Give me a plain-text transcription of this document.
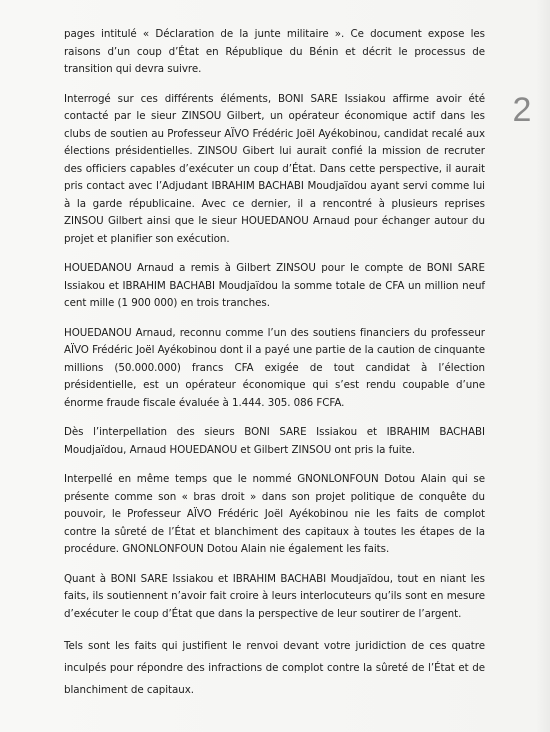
pages intitulé « Déclaration de la junte militaire ». Ce document expose les raisons d’un coup d’État en République du Bénin et décrit le processus de transition qui devra suivre.

Interrogé sur ces différents éléments, BONI SARE Issiakou affirme avoir été contacté par le sieur ZINSOU Gilbert, un opérateur économique actif dans les clubs de soutien au Professeur AÏVO Frédéric Joël Ayékobinou, candidat recalé aux élections présidentielles. ZINSOU Gibert lui aurait confié la mission de recruter des officiers capables d’exécuter un coup d’État. Dans cette perspective, il aurait pris contact avec l’Adjudant IBRAHIM BACHABI Moudjaïdou ayant servi comme lui à la garde républicaine. Avec ce dernier, il a rencontré à plusieurs reprises ZINSOU Gilbert ainsi que le sieur HOUEDANOU Arnaud pour échanger autour du projet et planifier son exécution.

HOUEDANOU Arnaud a remis à Gilbert ZINSOU pour le compte de BONI SARE Issiakou et IBRAHIM BACHABI Moudjaïdou la somme totale de CFA un million neuf cent mille (1 900 000) en trois tranches.

HOUEDANOU Arnaud, reconnu comme l’un des soutiens financiers du professeur AÏVO Frédéric Joël Ayékobinou dont il a payé une partie de la caution de cinquante millions (50.000.000) francs CFA exigée de tout candidat à l’élection présidentielle, est un opérateur économique qui s’est rendu coupable d’une énorme fraude fiscale évaluée à 1.444. 305. 086 FCFA.

Dès l’interpellation des sieurs BONI SARE Issiakou et IBRAHIM BACHABI Moudjaïdou, Arnaud HOUEDANOU et Gilbert ZINSOU ont pris la fuite.

Interpellé en même temps que le nommé GNONLONFOUN Dotou Alain qui se présente comme son « bras droit » dans son projet politique de conquête du pouvoir, le Professeur AÏVO Frédéric Joël Ayékobinou nie les faits de complot contre la sûreté de l’État et blanchiment des capitaux à toutes les étapes de la procédure. GNONLONFOUN Dotou Alain nie également les faits.

Quant à BONI SARE Issiakou et IBRAHIM BACHABI Moudjaïdou, tout en niant les faits, ils soutiennent n’avoir fait croire à leurs interlocuteurs qu’ils sont en mesure d’exécuter le coup d’État que dans la perspective de leur soutirer de l’argent.

Tels sont les faits qui justifient le renvoi devant votre juridiction de ces quatre inculpés pour répondre des infractions de complot contre la sûreté de l’État et de blanchiment de capitaux.

2
